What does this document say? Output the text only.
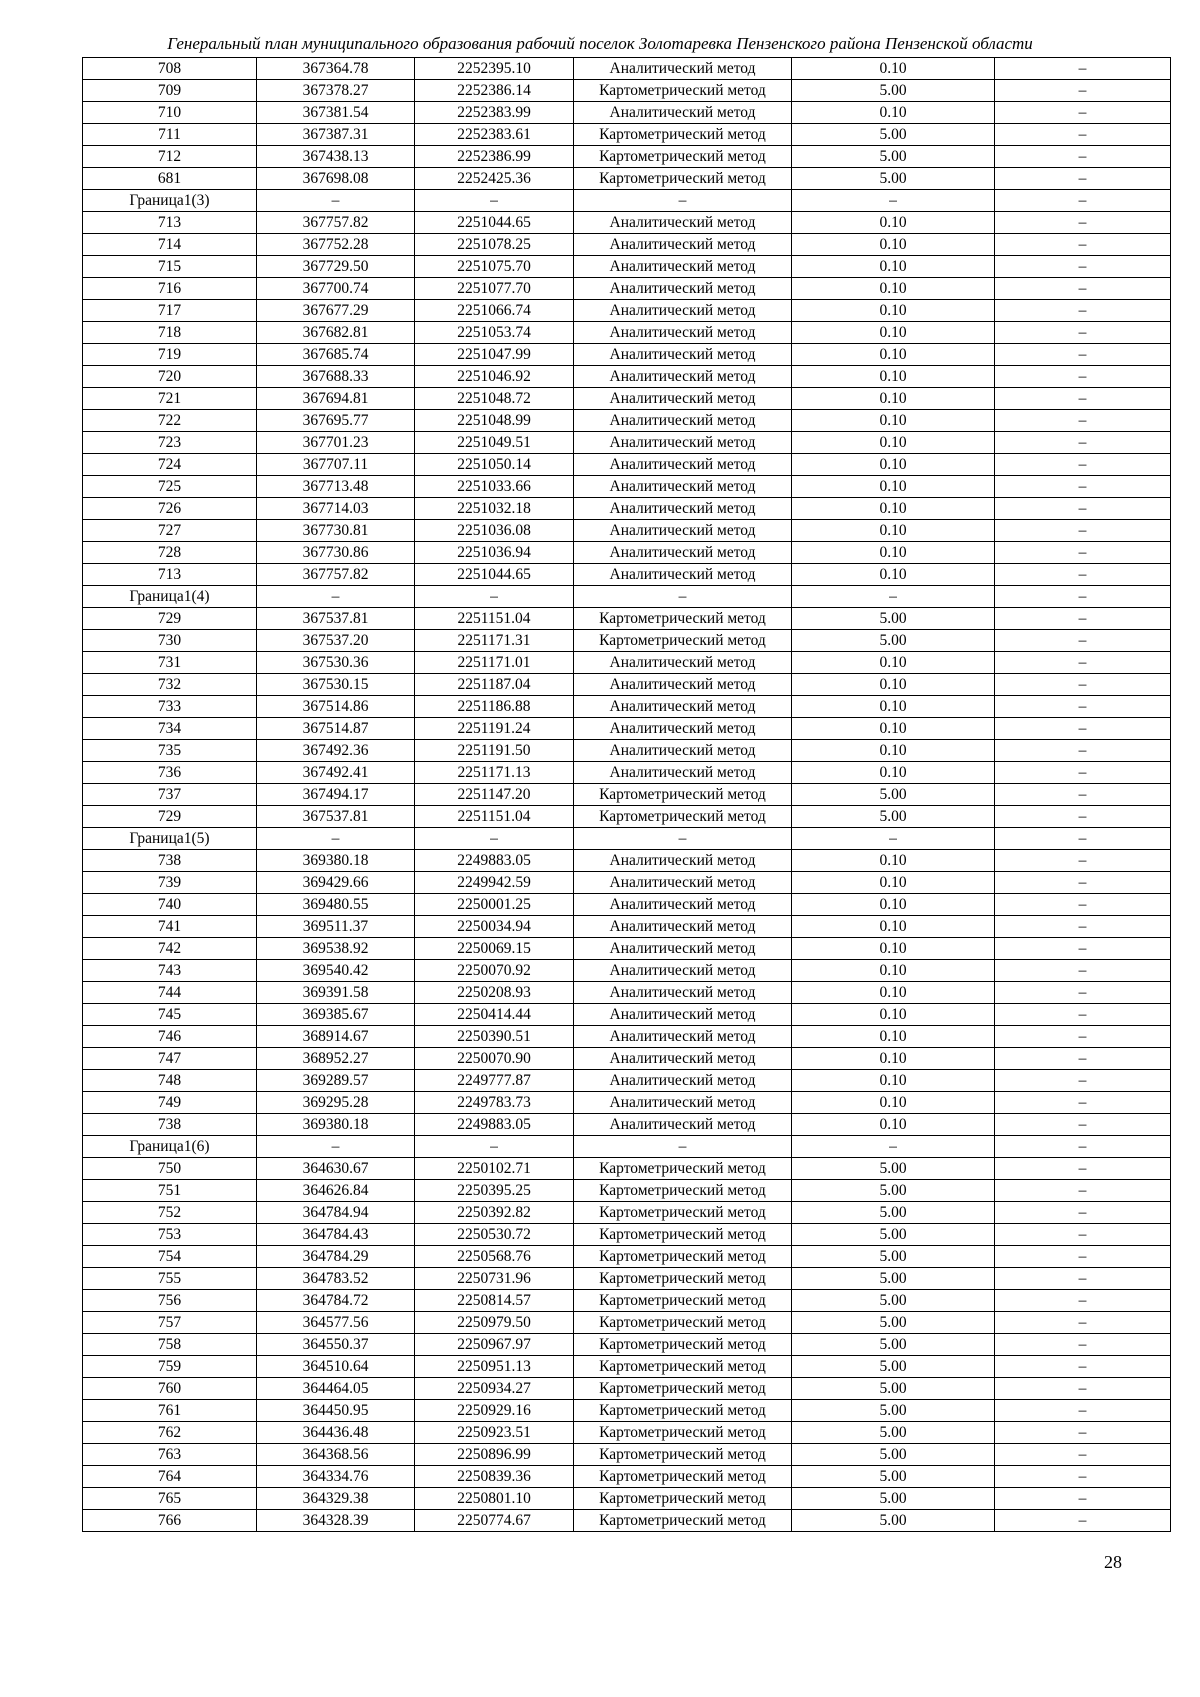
Генеральный план муниципального образования рабочий поселок Золотаревка Пензенского района Пензенской области
708	367364.78	2252395.10	Аналитический метод	0.10	–
709	367378.27	2252386.14	Картометрический метод	5.00	–
710	367381.54	2252383.99	Аналитический метод	0.10	–
711	367387.31	2252383.61	Картометрический метод	5.00	–
712	367438.13	2252386.99	Картометрический метод	5.00	–
681	367698.08	2252425.36	Картометрический метод	5.00	–
Граница1(3)	–	–	–	–	–
713	367757.82	2251044.65	Аналитический метод	0.10	–
714	367752.28	2251078.25	Аналитический метод	0.10	–
715	367729.50	2251075.70	Аналитический метод	0.10	–
716	367700.74	2251077.70	Аналитический метод	0.10	–
717	367677.29	2251066.74	Аналитический метод	0.10	–
718	367682.81	2251053.74	Аналитический метод	0.10	–
719	367685.74	2251047.99	Аналитический метод	0.10	–
720	367688.33	2251046.92	Аналитический метод	0.10	–
721	367694.81	2251048.72	Аналитический метод	0.10	–
722	367695.77	2251048.99	Аналитический метод	0.10	–
723	367701.23	2251049.51	Аналитический метод	0.10	–
724	367707.11	2251050.14	Аналитический метод	0.10	–
725	367713.48	2251033.66	Аналитический метод	0.10	–
726	367714.03	2251032.18	Аналитический метод	0.10	–
727	367730.81	2251036.08	Аналитический метод	0.10	–
728	367730.86	2251036.94	Аналитический метод	0.10	–
713	367757.82	2251044.65	Аналитический метод	0.10	–
Граница1(4)	–	–	–	–	–
729	367537.81	2251151.04	Картометрический метод	5.00	–
730	367537.20	2251171.31	Картометрический метод	5.00	–
731	367530.36	2251171.01	Аналитический метод	0.10	–
732	367530.15	2251187.04	Аналитический метод	0.10	–
733	367514.86	2251186.88	Аналитический метод	0.10	–
734	367514.87	2251191.24	Аналитический метод	0.10	–
735	367492.36	2251191.50	Аналитический метод	0.10	–
736	367492.41	2251171.13	Аналитический метод	0.10	–
737	367494.17	2251147.20	Картометрический метод	5.00	–
729	367537.81	2251151.04	Картометрический метод	5.00	–
Граница1(5)	–	–	–	–	–
738	369380.18	2249883.05	Аналитический метод	0.10	–
739	369429.66	2249942.59	Аналитический метод	0.10	–
740	369480.55	2250001.25	Аналитический метод	0.10	–
741	369511.37	2250034.94	Аналитический метод	0.10	–
742	369538.92	2250069.15	Аналитический метод	0.10	–
743	369540.42	2250070.92	Аналитический метод	0.10	–
744	369391.58	2250208.93	Аналитический метод	0.10	–
745	369385.67	2250414.44	Аналитический метод	0.10	–
746	368914.67	2250390.51	Аналитический метод	0.10	–
747	368952.27	2250070.90	Аналитический метод	0.10	–
748	369289.57	2249777.87	Аналитический метод	0.10	–
749	369295.28	2249783.73	Аналитический метод	0.10	–
738	369380.18	2249883.05	Аналитический метод	0.10	–
Граница1(6)	–	–	–	–	–
750	364630.67	2250102.71	Картометрический метод	5.00	–
751	364626.84	2250395.25	Картометрический метод	5.00	–
752	364784.94	2250392.82	Картометрический метод	5.00	–
753	364784.43	2250530.72	Картометрический метод	5.00	–
754	364784.29	2250568.76	Картометрический метод	5.00	–
755	364783.52	2250731.96	Картометрический метод	5.00	–
756	364784.72	2250814.57	Картометрический метод	5.00	–
757	364577.56	2250979.50	Картометрический метод	5.00	–
758	364550.37	2250967.97	Картометрический метод	5.00	–
759	364510.64	2250951.13	Картометрический метод	5.00	–
760	364464.05	2250934.27	Картометрический метод	5.00	–
761	364450.95	2250929.16	Картометрический метод	5.00	–
762	364436.48	2250923.51	Картометрический метод	5.00	–
763	364368.56	2250896.99	Картометрический метод	5.00	–
764	364334.76	2250839.36	Картометрический метод	5.00	–
765	364329.38	2250801.10	Картометрический метод	5.00	–
766	364328.39	2250774.67	Картометрический метод	5.00	–
28
